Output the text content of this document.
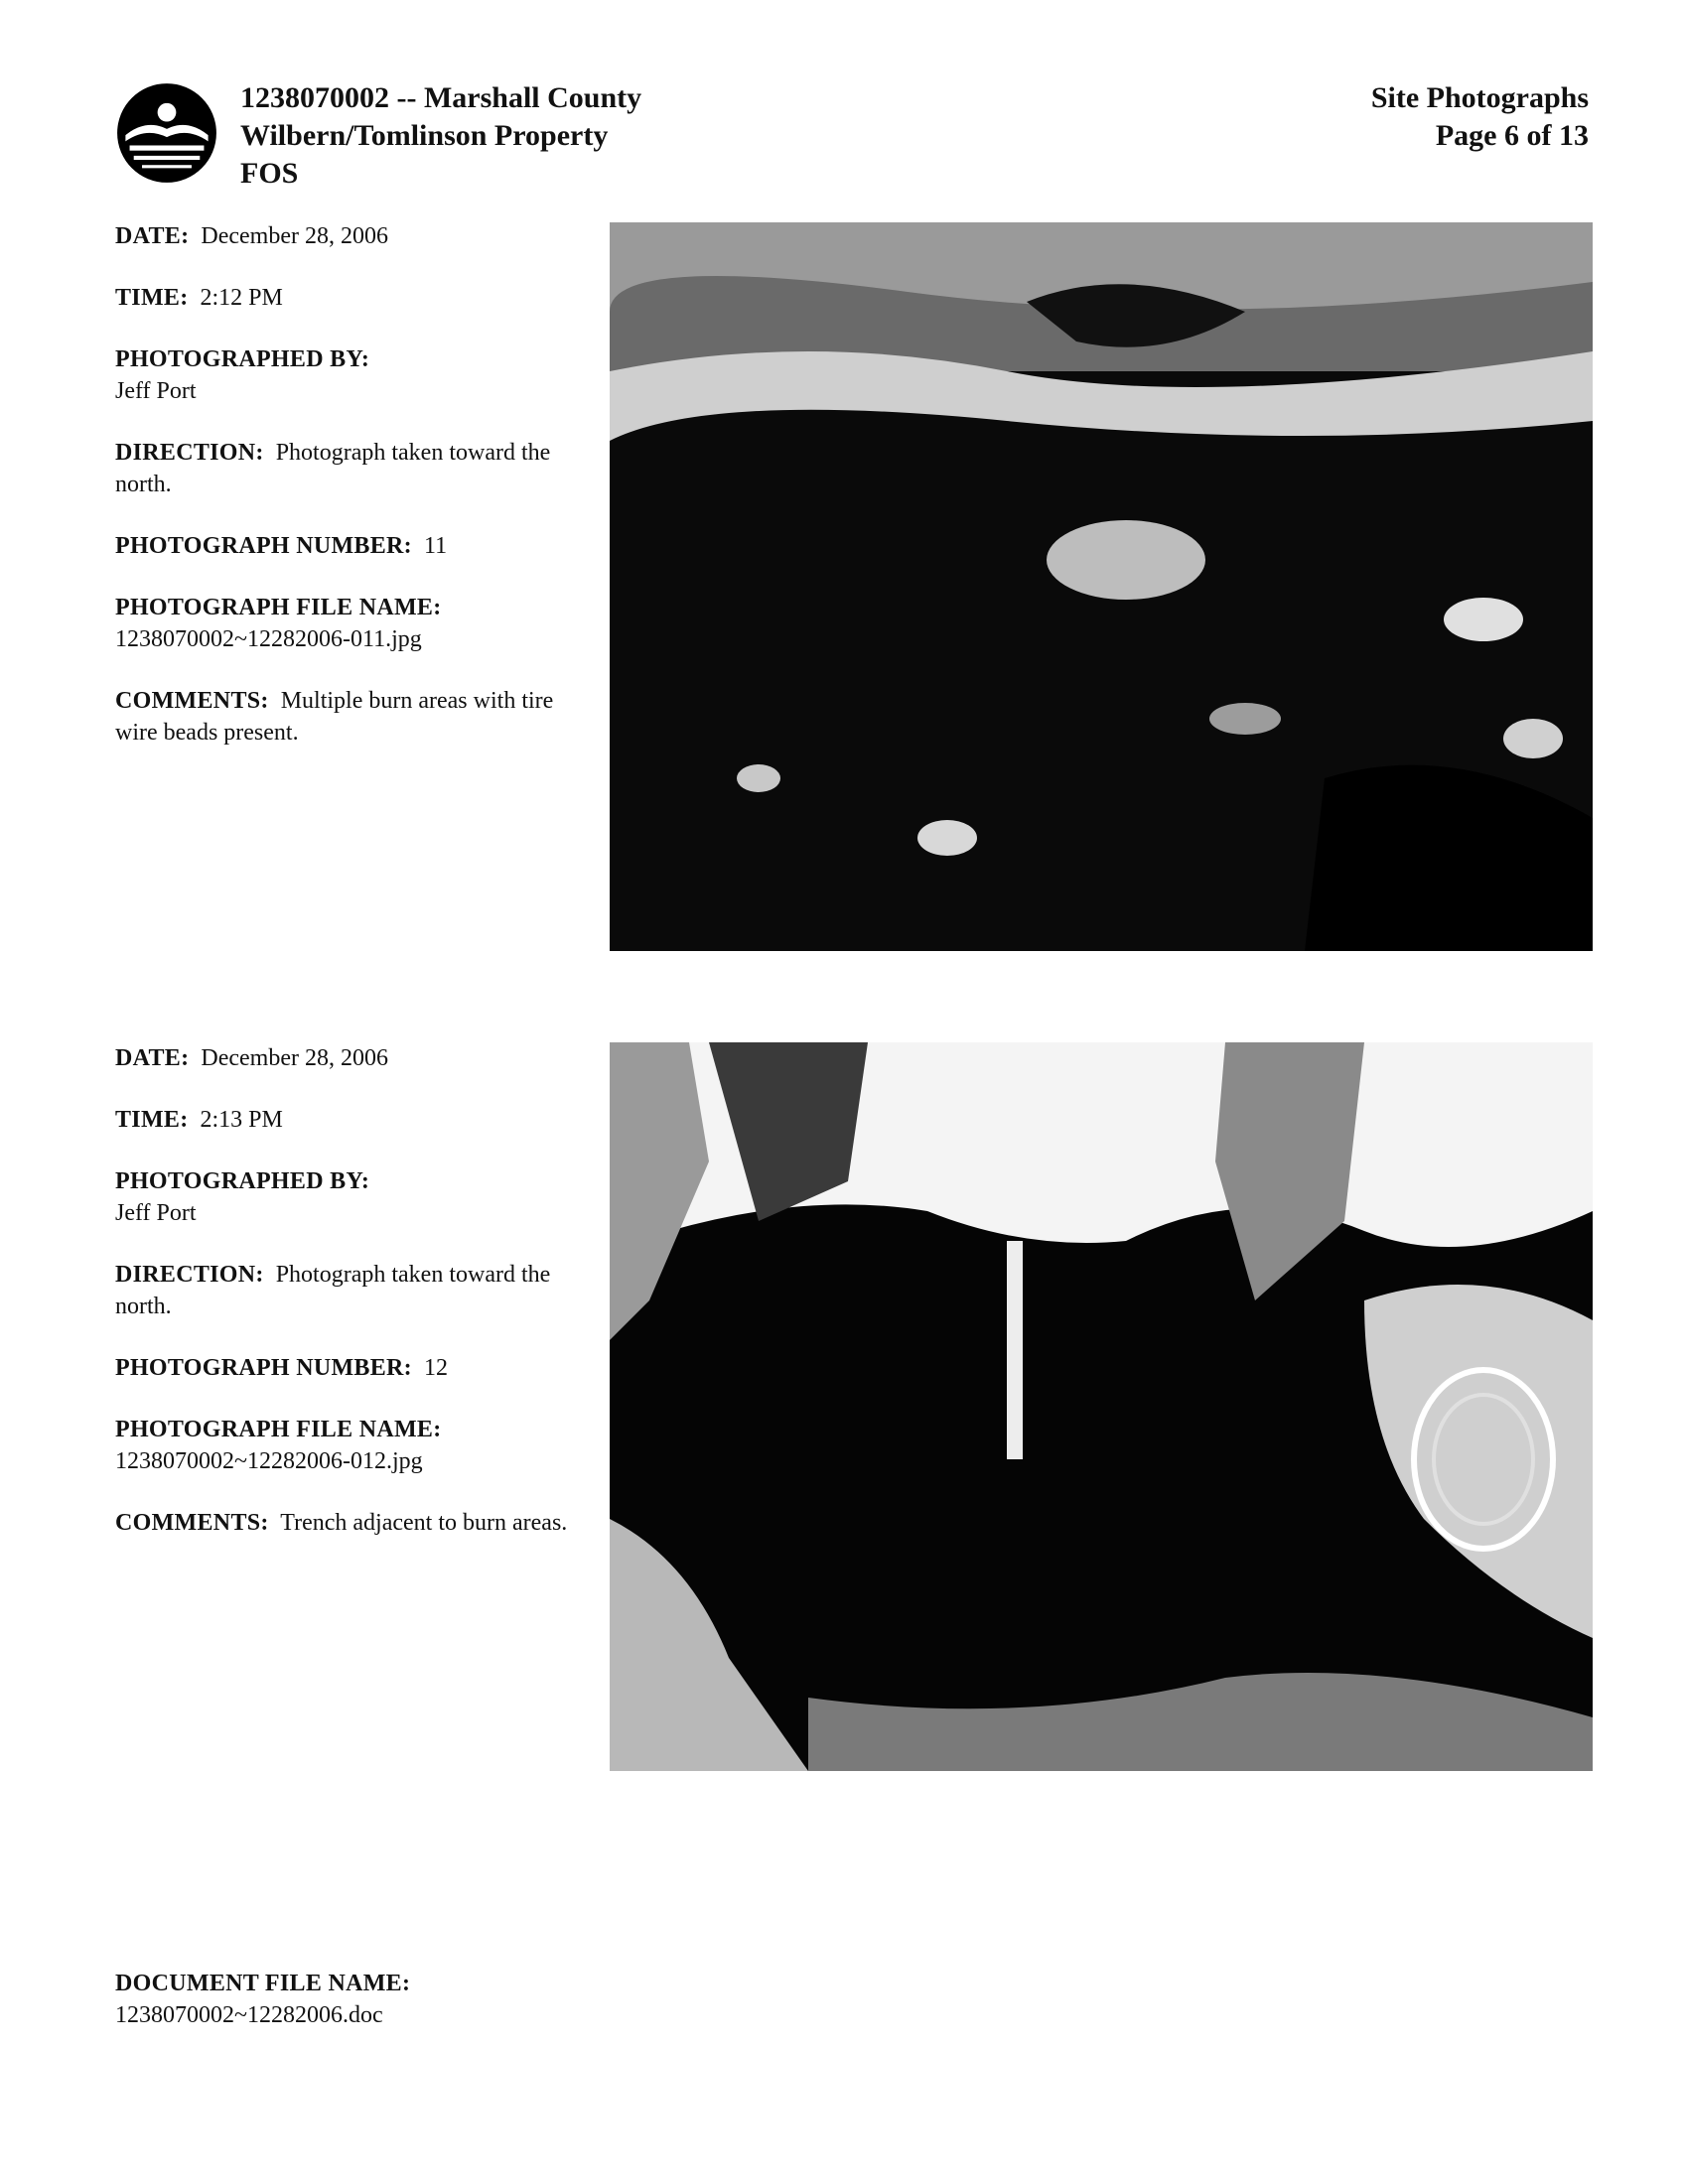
1238070002 -- Marshall County
Wilbern/Tomlinson Property
FOS
Site Photographs
Page 6 of 13

DATE: December 28, 2006

TIME: 2:12 PM

PHOTOGRAPHED BY:
Jeff Port

DIRECTION: Photograph taken toward the north.

PHOTOGRAPH NUMBER: 11

PHOTOGRAPH FILE NAME:
1238070002~12282006-011.jpg

COMMENTS: Multiple burn areas with tire wire beads present.

DATE: December 28, 2006

TIME: 2:13 PM

PHOTOGRAPHED BY:
Jeff Port

DIRECTION: Photograph taken toward the north.

PHOTOGRAPH NUMBER: 12

PHOTOGRAPH FILE NAME:
1238070002~12282006-012.jpg

COMMENTS: Trench adjacent to burn areas.

DOCUMENT FILE NAME:
1238070002~12282006.doc
